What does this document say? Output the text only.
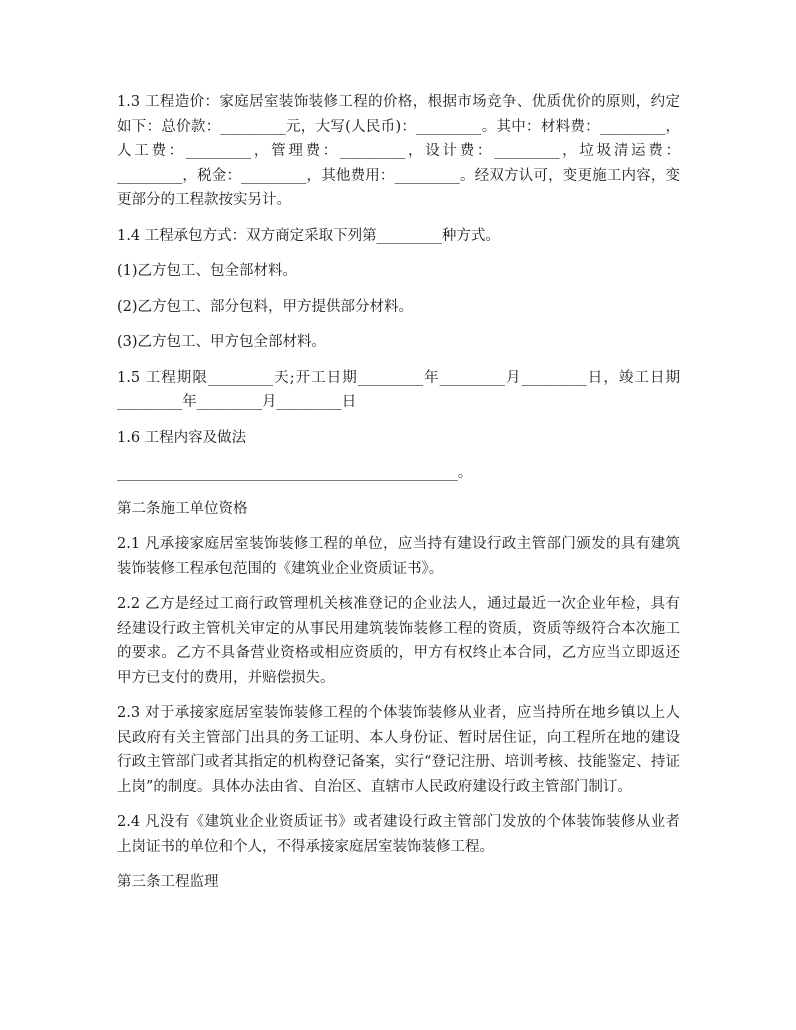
1.3 工程造价：家庭居室装饰装修工程的价格，根据市场竞争、优质优价的原则，约定如下：总价款：_________元，大写(人民币)：_________。其中：材料费：_________，人工费：_________，管理费：_________，设计费：_________，垃圾清运费：_________，税金：_________，其他费用：_________。经双方认可，变更施工内容，变更部分的工程款按实另计。

1.4 工程承包方式：双方商定采取下列第_________种方式。

(1)乙方包工、包全部材料。

(2)乙方包工、部分包料，甲方提供部分材料。

(3)乙方包工、甲方包全部材料。

1.5 工程期限_________天;开工日期_________年_________月_________日，竣工日期_________年_________月_________日

1.6 工程内容及做法

_______________________________________________。

第二条施工单位资格

2.1 凡承接家庭居室装饰装修工程的单位，应当持有建设行政主管部门颁发的具有建筑装饰装修工程承包范围的《建筑业企业资质证书》。

2.2 乙方是经过工商行政管理机关核准登记的企业法人，通过最近一次企业年检，具有经建设行政主管机关审定的从事民用建筑装饰装修工程的资质，资质等级符合本次施工的要求。乙方不具备营业资格或相应资质的，甲方有权终止本合同，乙方应当立即返还甲方已支付的费用，并赔偿损失。

2.3 对于承接家庭居室装饰装修工程的个体装饰装修从业者，应当持所在地乡镇以上人民政府有关主管部门出具的务工证明、本人身份证、暂时居住证，向工程所在地的建设行政主管部门或者其指定的机构登记备案，实行“登记注册、培训考核、技能鉴定、持证上岗”的制度。具体办法由省、自治区、直辖市人民政府建设行政主管部门制订。

2.4 凡没有《建筑业企业资质证书》或者建设行政主管部门发放的个体装饰装修从业者上岗证书的单位和个人，不得承接家庭居室装饰装修工程。

第三条工程监理
